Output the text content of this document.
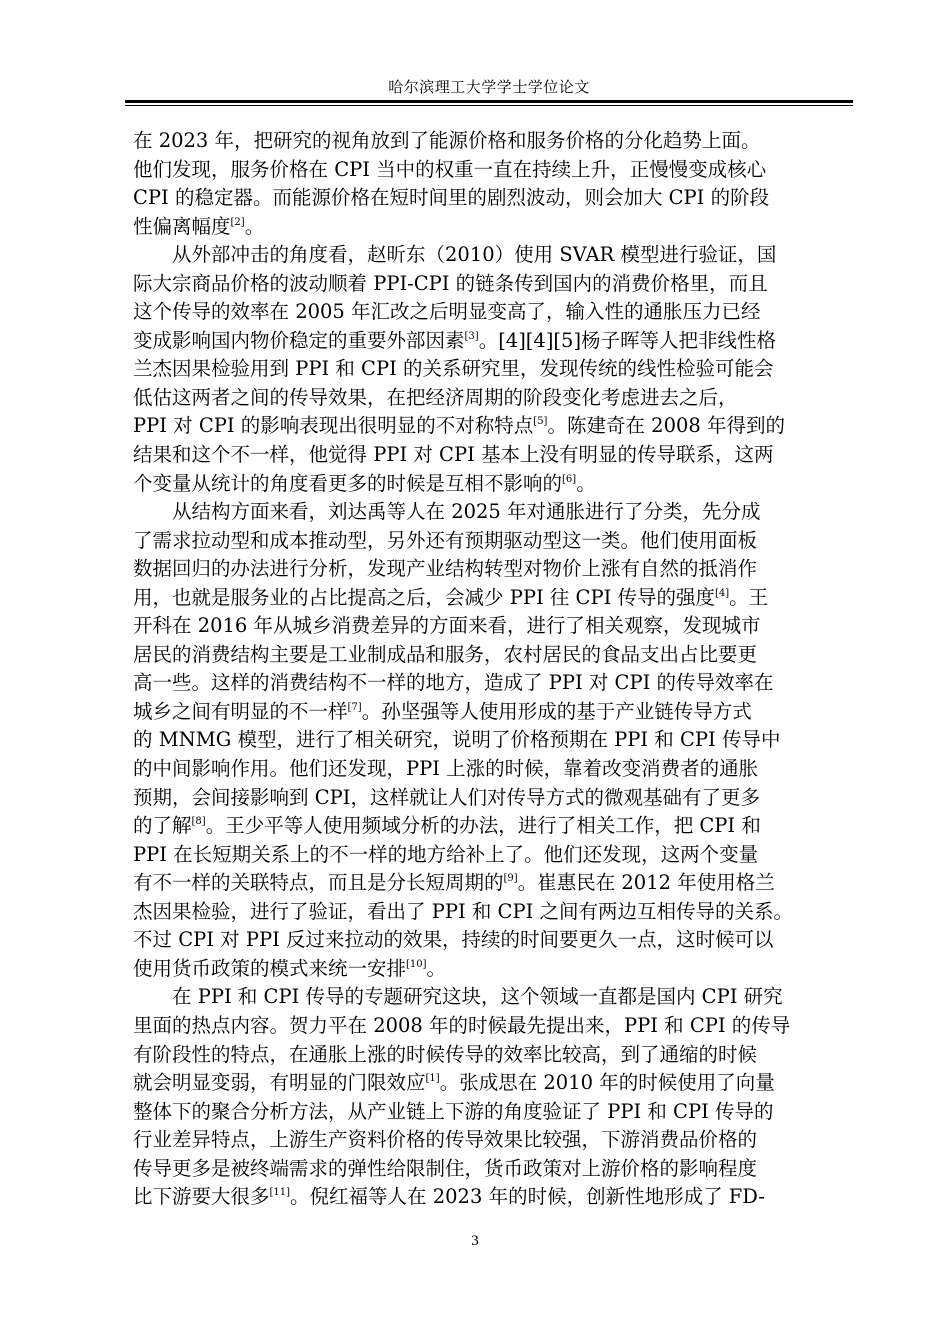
哈尔滨理工大学学士学位论文
在 2023 年，把研究的视角放到了能源价格和服务价格的分化趋势上面。
他们发现，服务价格在 CPI 当中的权重一直在持续上升，正慢慢变成核心
CPI 的稳定器。而能源价格在短时间里的剧烈波动，则会加大 CPI 的阶段
性偏离幅度[2]。
从外部冲击的角度看，赵昕东（2010）使用 SVAR 模型进行验证，国
际大宗商品价格的波动顺着 PPI-CPI 的链条传到国内的消费价格里，而且
这个传导的效率在 2005 年汇改之后明显变高了，输入性的通胀压力已经
变成影响国内物价稳定的重要外部因素[3]。[4][4][5]杨子晖等人把非线性格
兰杰因果检验用到 PPI 和 CPI 的关系研究里，发现传统的线性检验可能会
低估这两者之间的传导效果，在把经济周期的阶段变化考虑进去之后，
PPI 对 CPI 的影响表现出很明显的不对称特点[5]。陈建奇在 2008 年得到的
结果和这个不一样，他觉得 PPI 对 CPI 基本上没有明显的传导联系，这两
个变量从统计的角度看更多的时候是互相不影响的[6]。
从结构方面来看，刘达禹等人在 2025 年对通胀进行了分类，先分成
了需求拉动型和成本推动型，另外还有预期驱动型这一类。他们使用面板
数据回归的办法进行分析，发现产业结构转型对物价上涨有自然的抵消作
用，也就是服务业的占比提高之后，会减少 PPI 往 CPI 传导的强度[4]。王
开科在 2016 年从城乡消费差异的方面来看，进行了相关观察，发现城市
居民的消费结构主要是工业制成品和服务，农村居民的食品支出占比要更
高一些。这样的消费结构不一样的地方，造成了 PPI 对 CPI 的传导效率在
城乡之间有明显的不一样[7]。孙坚强等人使用形成的基于产业链传导方式
的 MNMG 模型，进行了相关研究，说明了价格预期在 PPI 和 CPI 传导中
的中间影响作用。他们还发现，PPI 上涨的时候，靠着改变消费者的通胀
预期，会间接影响到 CPI，这样就让人们对传导方式的微观基础有了更多
的了解[8]。王少平等人使用频域分析的办法，进行了相关工作，把 CPI 和
PPI 在长短期关系上的不一样的地方给补上了。他们还发现，这两个变量
有不一样的关联特点，而且是分长短周期的[9]。崔惠民在 2012 年使用格兰
杰因果检验，进行了验证，看出了 PPI 和 CPI 之间有两边互相传导的关系。
不过 CPI 对 PPI 反过来拉动的效果，持续的时间要更久一点，这时候可以
使用货币政策的模式来统一安排[10]。
在 PPI 和 CPI 传导的专题研究这块，这个领域一直都是国内 CPI 研究
里面的热点内容。贺力平在 2008 年的时候最先提出来，PPI 和 CPI 的传导
有阶段性的特点，在通胀上涨的时候传导的效率比较高，到了通缩的时候
就会明显变弱，有明显的门限效应[1]。张成思在 2010 年的时候使用了向量
整体下的聚合分析方法，从产业链上下游的角度验证了 PPI 和 CPI 传导的
行业差异特点，上游生产资料价格的传导效果比较强，下游消费品价格的
传导更多是被终端需求的弹性给限制住，货币政策对上游价格的影响程度
比下游要大很多[11]。倪红福等人在 2023 年的时候，创新性地形成了 FD-
3
